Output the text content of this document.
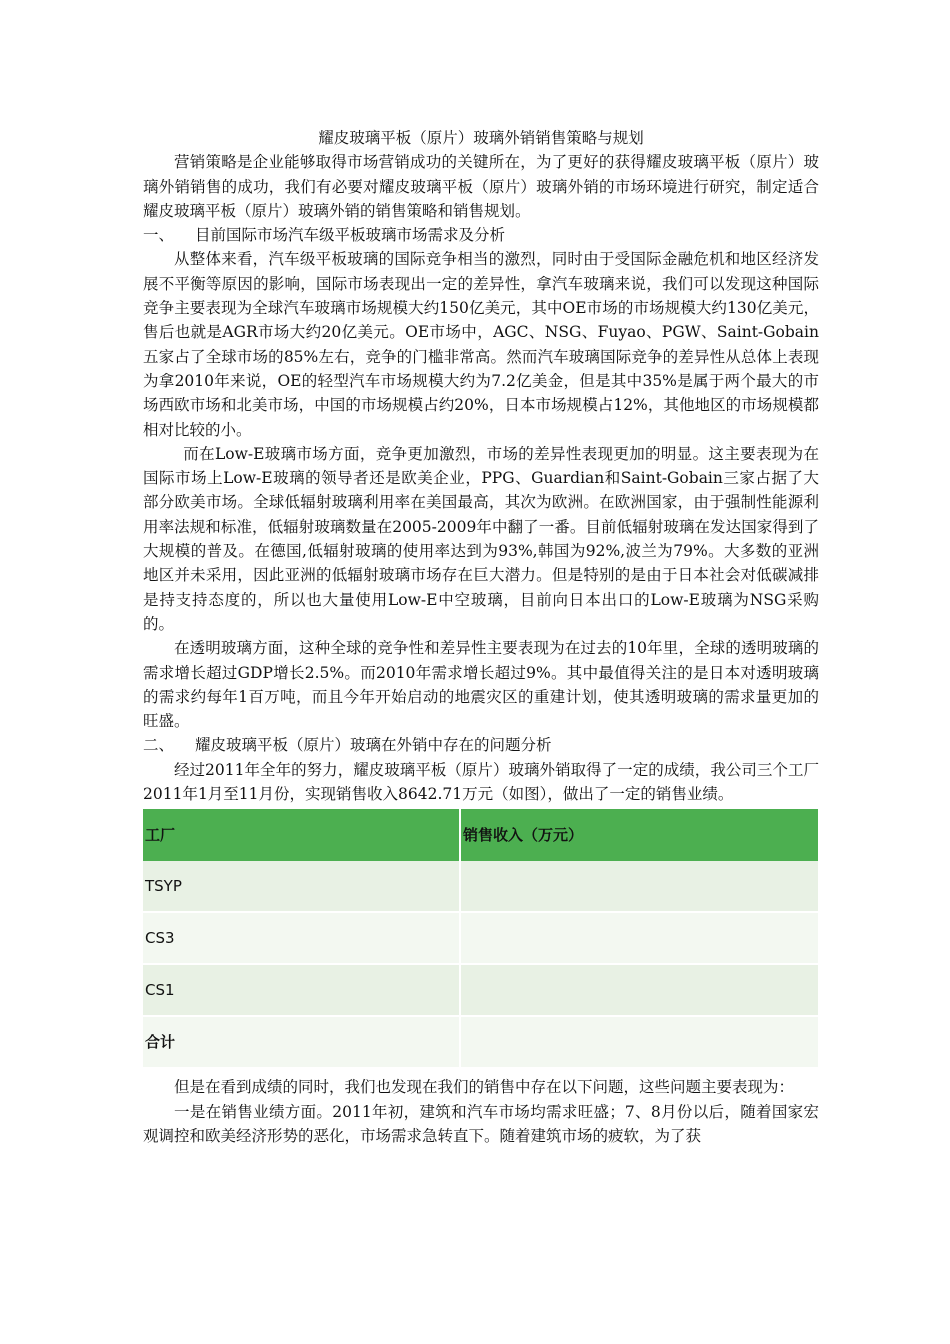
耀皮玻璃平板（原片）玻璃外销销售策略与规划

营销策略是企业能够取得市场营销成功的关键所在，为了更好的获得耀皮玻璃平板（原片）玻璃外销销售的成功，我们有必要对耀皮玻璃平板（原片）玻璃外销的市场环境进行研究，制定适合耀皮玻璃平板（原片）玻璃外销的销售策略和销售规划。

一、 目前国际市场汽车级平板玻璃市场需求及分析

从整体来看，汽车级平板玻璃的国际竞争相当的激烈，同时由于受国际金融危机和地区经济发展不平衡等原因的影响，国际市场表现出一定的差异性，拿汽车玻璃来说，我们可以发现这种国际竞争主要表现为全球汽车玻璃市场规模大约150亿美元，其中OE市场的市场规模大约130亿美元，售后也就是AGR市场大约20亿美元。OE市场中，AGC、NSG、Fuyao、PGW、Saint-Gobain五家占了全球市场的85%左右，竞争的门槛非常高。然而汽车玻璃国际竞争的差异性从总体上表现为拿2010年来说，OE的轻型汽车市场规模大约为7.2亿美金，但是其中35%是属于两个最大的市场西欧市场和北美市场，中国的市场规模占约20%，日本市场规模占12%，其他地区的市场规模都相对比较的小。

而在Low-E玻璃市场方面，竞争更加激烈，市场的差异性表现更加的明显。这主要表现为在国际市场上Low-E玻璃的领导者还是欧美企业，PPG、Guardian和Saint-Gobain三家占据了大部分欧美市场。全球低辐射玻璃利用率在美国最高，其次为欧洲。在欧洲国家，由于强制性能源利用率法规和标准，低辐射玻璃数量在2005-2009年中翻了一番。目前低辐射玻璃在发达国家得到了大规模的普及。在德国,低辐射玻璃的使用率达到为93%,韩国为92%,波兰为79%。大多数的亚洲地区并未采用，因此亚洲的低辐射玻璃市场存在巨大潜力。但是特别的是由于日本社会对低碳减排是持支持态度的，所以也大量使用Low-E中空玻璃，目前向日本出口的Low-E玻璃为NSG采购的。

在透明玻璃方面，这种全球的竞争性和差异性主要表现为在过去的10年里，全球的透明玻璃的需求增长超过GDP增长2.5%。而2010年需求增长超过9%。其中最值得关注的是日本对透明玻璃的需求约每年1百万吨，而且今年开始启动的地震灾区的重建计划，使其透明玻璃的需求量更加的旺盛。

二、 耀皮玻璃平板（原片）玻璃在外销中存在的问题分析

经过2011年全年的努力，耀皮玻璃平板（原片）玻璃外销取得了一定的成绩，我公司三个工厂2011年1月至11月份，实现销售收入8642.71万元（如图），做出了一定的销售业绩。

工厂	销售收入（万元）
TSYP	
CS3	
CS1	
合计	

但是在看到成绩的同时，我们也发现在我们的销售中存在以下问题，这些问题主要表现为：

一是在销售业绩方面。2011年初，建筑和汽车市场均需求旺盛；7、8月份以后，随着国家宏观调控和欧美经济形势的恶化，市场需求急转直下。随着建筑市场的疲软，为了获
